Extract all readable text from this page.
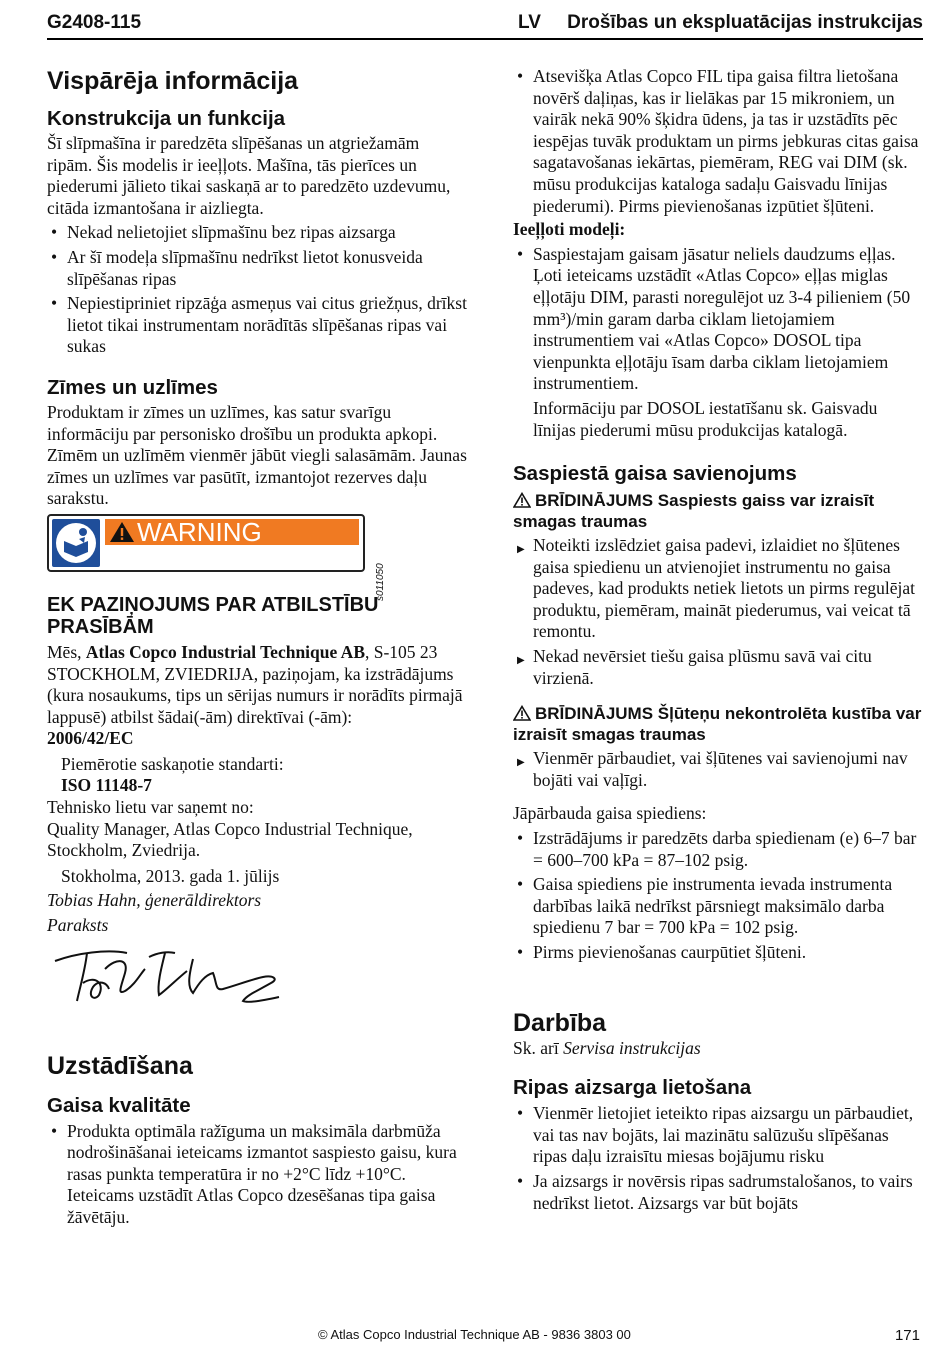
G2408-115	LV Drošības un ekspluatācijas instrukcijas
Vispārēja informācija
Konstrukcija un funkcija

Šī slīpmašīna ir paredzēta slīpēšanas un atgriežamām ripām. Šis modelis ir ieeļļots. Mašīna, tās pierīces un piederumi jālieto tikai saskaņā ar to paredzēto uzdevumu, citāda izmantošana ir aizliegta.

• Nekad nelietojiet slīpmašīnu bez ripas aizsarga
• Ar šī modeļa slīpmašīnu nedrīkst lietot konusveida slīpēšanas ripas
• Nepiestipriniet ripzāģa asmeņus vai citus griežņus, drīkst lietot tikai instrumentam norādītās slīpēšanas ripas vai sukas
Zīmes un uzlīmes

Produktam ir zīmes un uzlīmes, kas satur svarīgu informāciju par personisko drošību un produkta apkopi. Zīmēm un uzlīmēm vienmēr jābūt viegli salasāmām. Jaunas zīmes un uzlīmes var pasūtīt, izmantojot rezerves daļu sarakstu.

WARNING
s011050
EK PAZIŅOJUMS PAR ATBILSTĪBU PRASĪBĀM

Mēs, Atlas Copco Industrial Technique AB, S-105 23 STOCKHOLM, ZVIEDRIJA, paziņojam, ka izstrādājums (kura nosaukums, tips un sērijas numurs ir norādīts pirmajā lappusē) atbilst šādai(-ām) direktīvai (-ām):

2006/42/EC

Piemērotie saskaņotie standarti:

ISO 11148-7

Tehnisko lietu var saņemt no:

Quality Manager, Atlas Copco Industrial Technique, Stockholm, Zviedrija.

Stokholma, 2013. gada 1. jūlijs

Tobias Hahn, ģenerāldirektors

Paraksts

Uzstādīšana
Gaisa kvalitāte
• Produkta optimāla ražīguma un maksimāla darbmūža nodrošināšanai ieteicams izmantot saspiesto gaisu, kura rasas punkta temperatūra ir no +2°C līdz +10°C. Ieteicams uzstādīt Atlas Copco dzesēšanas tipa gaisa žāvētāju.
• Atsevišķa Atlas Copco FIL tipa gaisa filtra lietošana novērš daļiņas, kas ir lielākas par 15 mikroniem, un vairāk nekā 90% šķidra ūdens, ja tas ir uzstādīts pēc iespējas tuvāk produktam un pirms jebkuras citas gaisa sagatavošanas iekārtas, piemēram, REG vai DIM (sk. mūsu produkcijas kataloga sadaļu Gaisvadu līnijas piederumi). Pirms pievienošanas izpūtiet šļūteni.

Ieeļļoti modeļi:

• Saspiestajam gaisam jāsatur neliels daudzums eļļas. Ļoti ieteicams uzstādīt «Atlas Copco» eļļas miglas eļļotāju DIM, parasti noregulējot uz 3-4 pilieniem (50 mm³)/min garam darba ciklam lietojamiem instrumentiem vai «Atlas Copco» DOSOL tipa vienpunkta eļļotāju īsam darba ciklam lietojamiem instrumentiem.

Informāciju par DOSOL iestatīšanu sk. Gaisvadu līnijas piederumi mūsu produkcijas katalogā.

Saspiestā gaisa savienojums
BRĪDINĀJUMS Saspiests gaiss var izraisīt smagas traumas
▶ Noteikti izslēdziet gaisa padevi, izlaidiet no šļūtenes gaisa spiedienu un atvienojiet instrumentu no gaisa padeves, kad produkts netiek lietots un pirms regulējat produktu, piemēram, maināt piederumus, vai veicat tā remontu.
▶ Nekad nevērsiet tiešu gaisa plūsmu savā vai citu virzienā.
BRĪDINĀJUMS Šļūteņu nekontrolēta kustība var izraisīt smagas traumas
▶ Vienmēr pārbaudiet, vai šļūtenes vai savienojumi nav bojāti vai vaļīgi.

Jāpārbauda gaisa spiediens:

• Izstrādājums ir paredzēts darba spiedienam (e) 6–7 bar = 600–700 kPa = 87–102 psig.
• Gaisa spiediens pie instrumenta ievada instrumenta darbības laikā nedrīkst pārsniegt maksimālo darba spiedienu 7 bar = 700 kPa = 102 psig.
• Pirms pievienošanas caurpūtiet šļūteni.
Darbība

Sk. arī Servisa instrukcijas

Ripas aizsarga lietošana
• Vienmēr lietojiet ieteikto ripas aizsargu un pārbaudiet, vai tas nav bojāts, lai mazinātu salūzušu slīpēšanas ripas daļu izraisītu miesas bojājumu risku
• Ja aizsargs ir novērsis ripas sadrumstalošanos, to vairs nedrīkst lietot. Aizsargs var būt bojāts
© Atlas Copco Industrial Technique AB - 9836 3803 00	171
